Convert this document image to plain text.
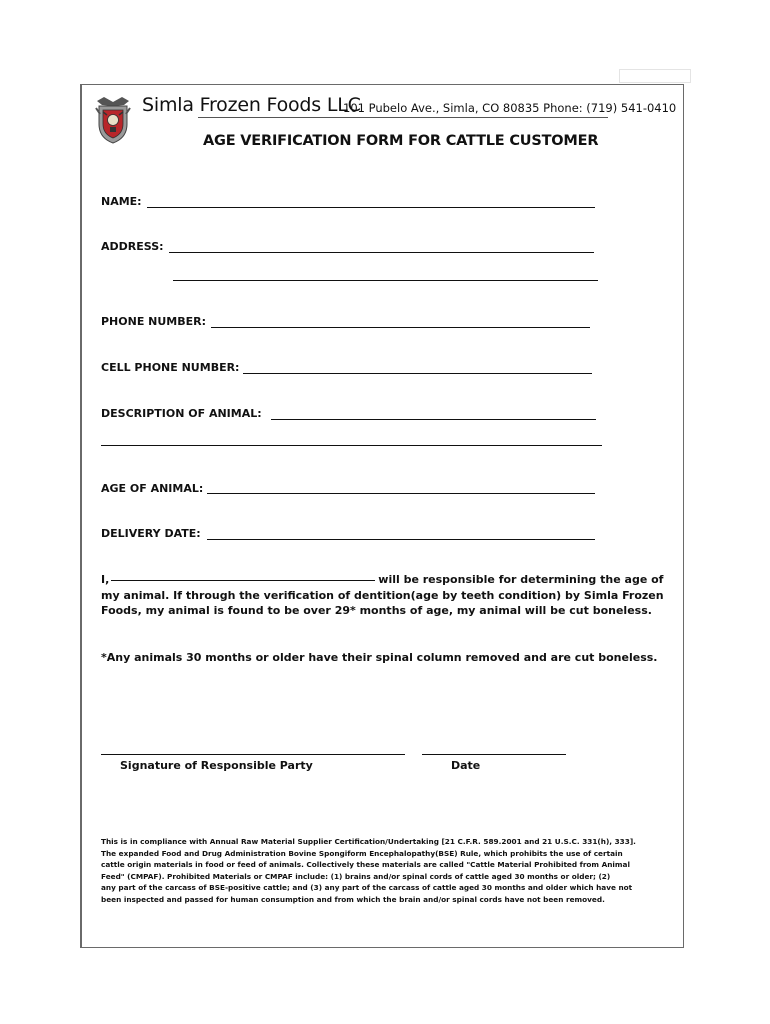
Simla Frozen Foods LLC
101 Pubelo Ave., Simla, CO 80835 Phone: (719) 541-0410
AGE VERIFICATION FORM FOR CATTLE CUSTOMER
NAME:
ADDRESS:
PHONE NUMBER:
CELL PHONE NUMBER:
DESCRIPTION OF ANIMAL:
AGE OF ANIMAL:
DELIVERY DATE:
I,	will be responsible for determining the age of
my animal. If through the verification of dentition(age by teeth condition) by Simla Frozen
Foods, my animal is found to be over 29* months of age, my animal will be cut boneless.
*Any animals 30 months or older have their spinal column removed and are cut boneless.
Signature of Responsible Party	Date
This is in compliance with Annual Raw Material Supplier Certification/Undertaking [21 C.F.R. 589.2001 and 21 U.S.C. 331(h), 333].
The expanded Food and Drug Administration Bovine Spongiform Encephalopathy(BSE) Rule, which prohibits the use of certain
cattle origin materials in food or feed of animals. Collectively these materials are called "Cattle Material Prohibited from Animal
Feed" (CMPAF). Prohibited Materials or CMPAF include: (1) brains and/or spinal cords of cattle aged 30 months or older; (2)
any part of the carcass of BSE-positive cattle; and (3) any part of the carcass of cattle aged 30 months and older which have not
been inspected and passed for human consumption and from which the brain and/or spinal cords have not been removed.
